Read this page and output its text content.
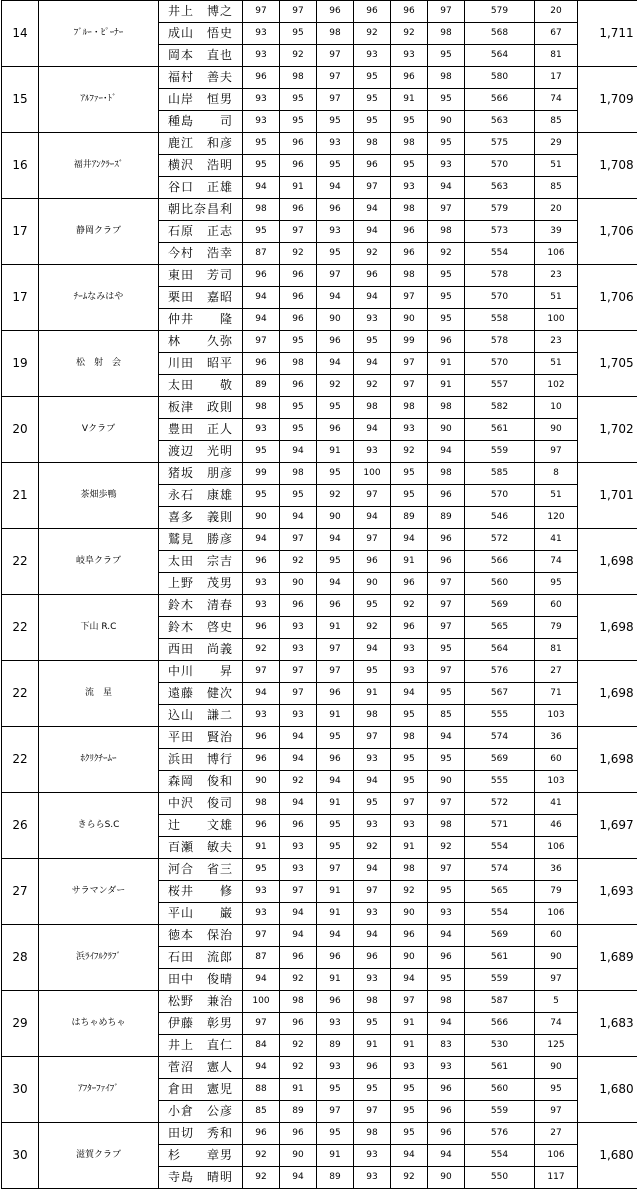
14	ﾌﾞﾙｰ・ﾋﾟｰﾅｰ	井上　博之	97	97	96	96	96	97	579	20	1,711
		成山　悟史	93	95	98	92	92	98	568	67	
		岡本　直也	93	92	97	93	93	95	564	81	
15	ｱﾙﾌｧｰ･ﾄﾞ	福村　善夫	96	98	97	95	96	98	580	17	1,709
		山岸　恒男	93	95	97	95	91	95	566	74	
		種島　　司	93	95	95	95	95	90	563	85	
16	福井ｱﾝｸﾗｰｽﾞ	鹿江　和彦	95	96	93	98	98	95	575	29	1,708
		横沢　浩明	95	96	95	96	95	93	570	51	
		谷口　正雄	94	91	94	97	93	94	563	85	
17	静岡クラブ	朝比奈昌利	98	96	96	94	98	97	579	20	1,706
		石原　正志	95	97	93	94	96	98	573	39	
		今村　浩幸	87	92	95	92	96	92	554	106	
17	ﾁｰﾑなみはや	東田　芳司	96	96	97	96	98	95	578	23	1,706
		栗田　嘉昭	94	96	94	94	97	95	570	51	
		仲井　　隆	94	96	90	93	90	95	558	100	
19	松　射　会	林　　久弥	97	95	96	95	99	96	578	23	1,705
		川田　昭平	96	98	94	94	97	91	570	51	
		太田　　敬	89	96	92	92	97	91	557	102	
20	Vクラブ	板津　政則	98	95	95	98	98	98	582	10	1,702
		豊田　正人	93	95	96	94	93	90	561	90	
		渡辺　光明	95	94	91	93	92	94	559	97	
21	茶畑歩鴨	猪坂　朋彦	99	98	95	100	95	98	585	8	1,701
		永石　康雄	95	95	92	97	95	96	570	51	
		喜多　義則	90	94	90	94	89	89	546	120	
22	岐阜クラブ	鷲見　勝彦	94	97	94	97	94	96	572	41	1,698
		太田　宗吉	96	92	95	96	91	96	566	74	
		上野　茂男	93	90	94	90	96	97	560	95	
22	下山 R.C	鈴木　清春	93	96	96	95	92	97	569	60	1,698
		鈴木　啓史	96	93	91	92	96	97	565	79	
		西田　尚義	92	93	97	94	93	95	564	81	
22	流　星	中川　　昇	97	97	97	95	93	97	576	27	1,698
		遠藤　健次	94	97	96	91	94	95	567	71	
		込山　謙二	93	93	91	98	95	85	555	103	
22	ﾎｸﾘｸﾁｰﾑｰ	平田　賢治	96	94	95	97	98	94	574	36	1,698
		浜田　博行	96	94	96	93	95	95	569	60	
		森岡　俊和	90	92	94	94	95	90	555	103	
26	きららS.C	中沢　俊司	98	94	91	95	97	97	572	41	1,697
		辻　　文雄	96	96	95	93	93	98	571	46	
		百瀬　敏夫	91	93	95	92	91	92	554	106	
27	サラマンダー	河合　省三	95	93	97	94	98	97	574	36	1,693
		桜井　　修	93	97	91	97	92	95	565	79	
		平山　　巌	93	94	91	93	90	93	554	106	
28	浜ﾗｲﾌﾙｸﾗﾌﾞ	徳本　保治	97	94	94	94	96	94	569	60	1,689
		石田　流郎	87	96	96	96	90	96	561	90	
		田中　俊晴	94	92	91	93	94	95	559	97	
29	はちゃめちゃ	松野　兼治	100	98	96	98	97	98	587	5	1,683
		伊藤　彰男	97	96	93	95	91	94	566	74	
		井上　直仁	84	92	89	91	91	83	530	125	
30	ｱﾌﾀｰﾌｧｲﾌﾞ	菅沼　憲人	94	92	93	96	93	93	561	90	1,680
		倉田　憲児	88	91	95	95	95	96	560	95	
		小倉　公彦	85	89	97	97	95	96	559	97	
30	滋賀クラブ	田切　秀和	96	96	95	98	95	96	576	27	1,680
		杉　　章男	92	90	91	93	94	94	554	106	
		寺島　晴明	92	94	89	93	92	90	550	117	
